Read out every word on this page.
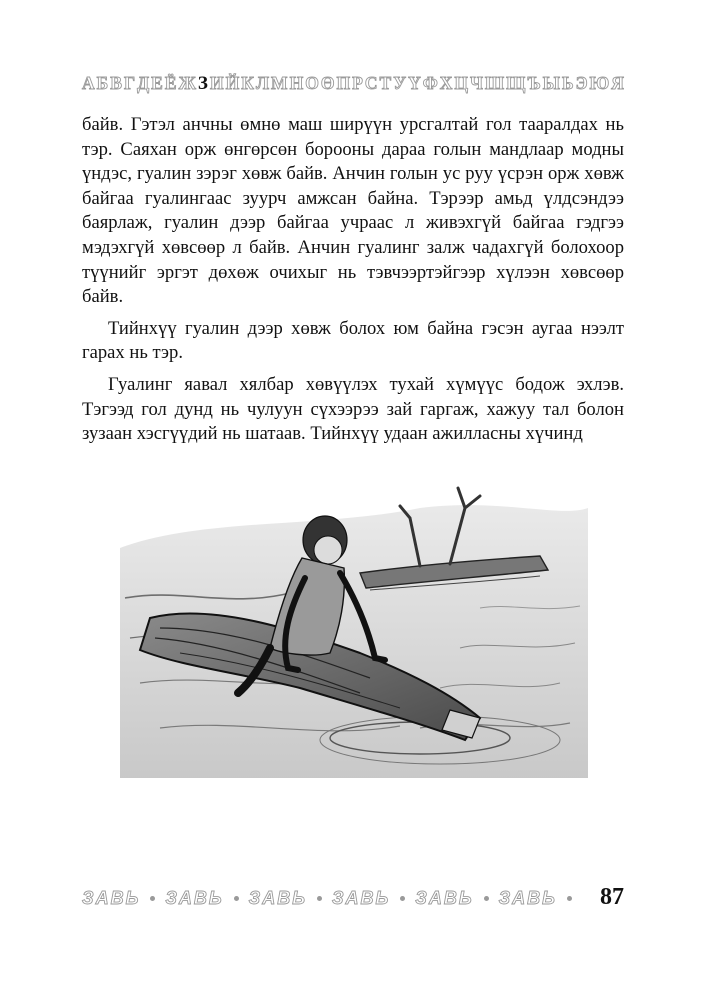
А Б В Г Д Е Ё Ж З И Й К Л М Н О Ө П Р С Т У Ү Ф Х Ц Ч Ш Щ Ъ Ы Ь Э Ю Я

байв. Гэтэл анчны өмнө маш ширүүн урсгалтай гол тааралдах нь тэр. Саяхан орж өнгөрсөн борооны дараа голын мандлаар модны үндэс, гуалин зэрэг хөвж байв. Анчин голын ус руу үсрэн орж хөвж байгаа гуалингаас зуурч амжсан байна. Тэрээр амьд үлдсэндээ баярлаж, гуалин дээр байгаа учраас л живэхгүй байгаа гэдгээ мэдэхгүй хөвсөөр л байв. Анчин гуалинг залж чадахгүй болохоор түүнийг эргэт дөхөж очихыг нь тэвчээртэйгээр хүлээн хөвсөөр байв.

Тийнхүү гуалин дээр хөвж болох юм байна гэсэн аугаа нээлт гарах нь тэр.

Гуалинг яавал хялбар хөвүүлэх тухай хүмүүс бодож эхлэв. Тэгээд гол дунд нь чулуун сүхээрээ зай гаргаж, хажуу тал болон зузаан хэсгүүдий нь шатаав. Тийнхүү удаан ажилласны хүчинд

ЗАВЬ ЗАВЬ ЗАВЬ ЗАВЬ ЗАВЬ ЗАВЬ 87
